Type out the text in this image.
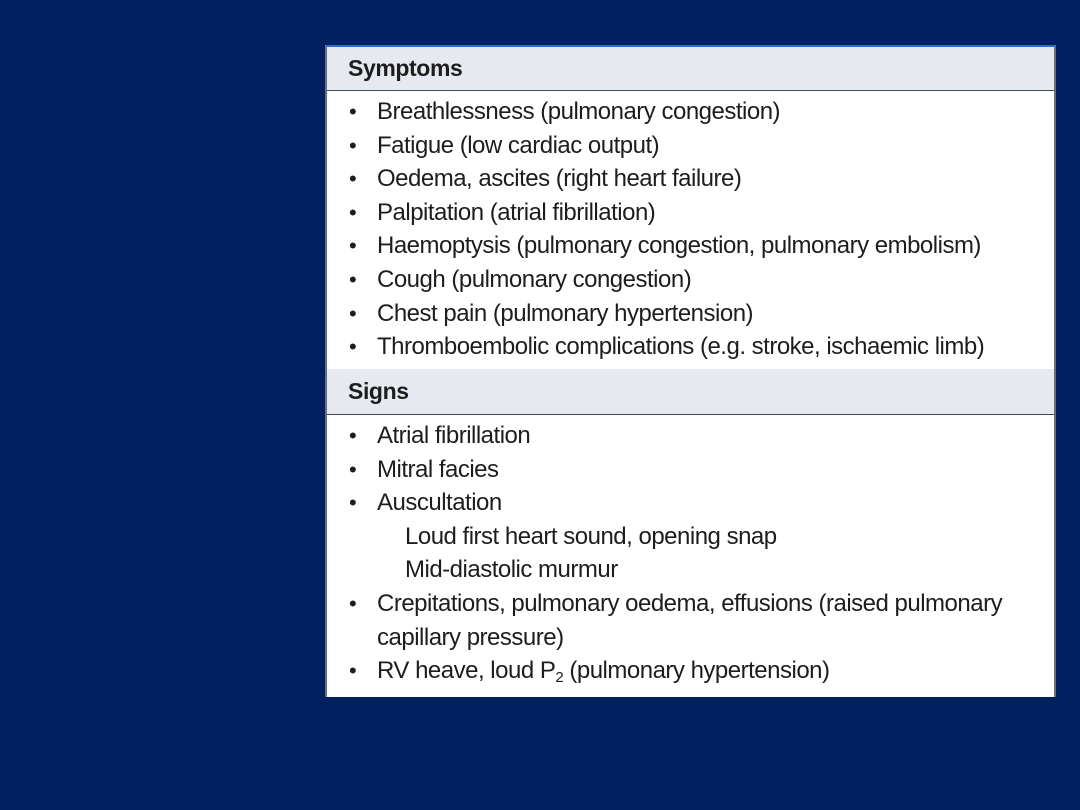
Symptoms
• Breathlessness (pulmonary congestion)
• Fatigue (low cardiac output)
• Oedema, ascites (right heart failure)
• Palpitation (atrial fibrillation)
• Haemoptysis (pulmonary congestion, pulmonary embolism)
• Cough (pulmonary congestion)
• Chest pain (pulmonary hypertension)
• Thromboembolic complications (e.g. stroke, ischaemic limb)
Signs
• Atrial fibrillation
• Mitral facies
• Auscultation
Loud first heart sound, opening snap
Mid-diastolic murmur
• Crepitations, pulmonary oedema, effusions (raised pulmonary capillary pressure)
• RV heave, loud $P_2$ (pulmonary hypertension)
